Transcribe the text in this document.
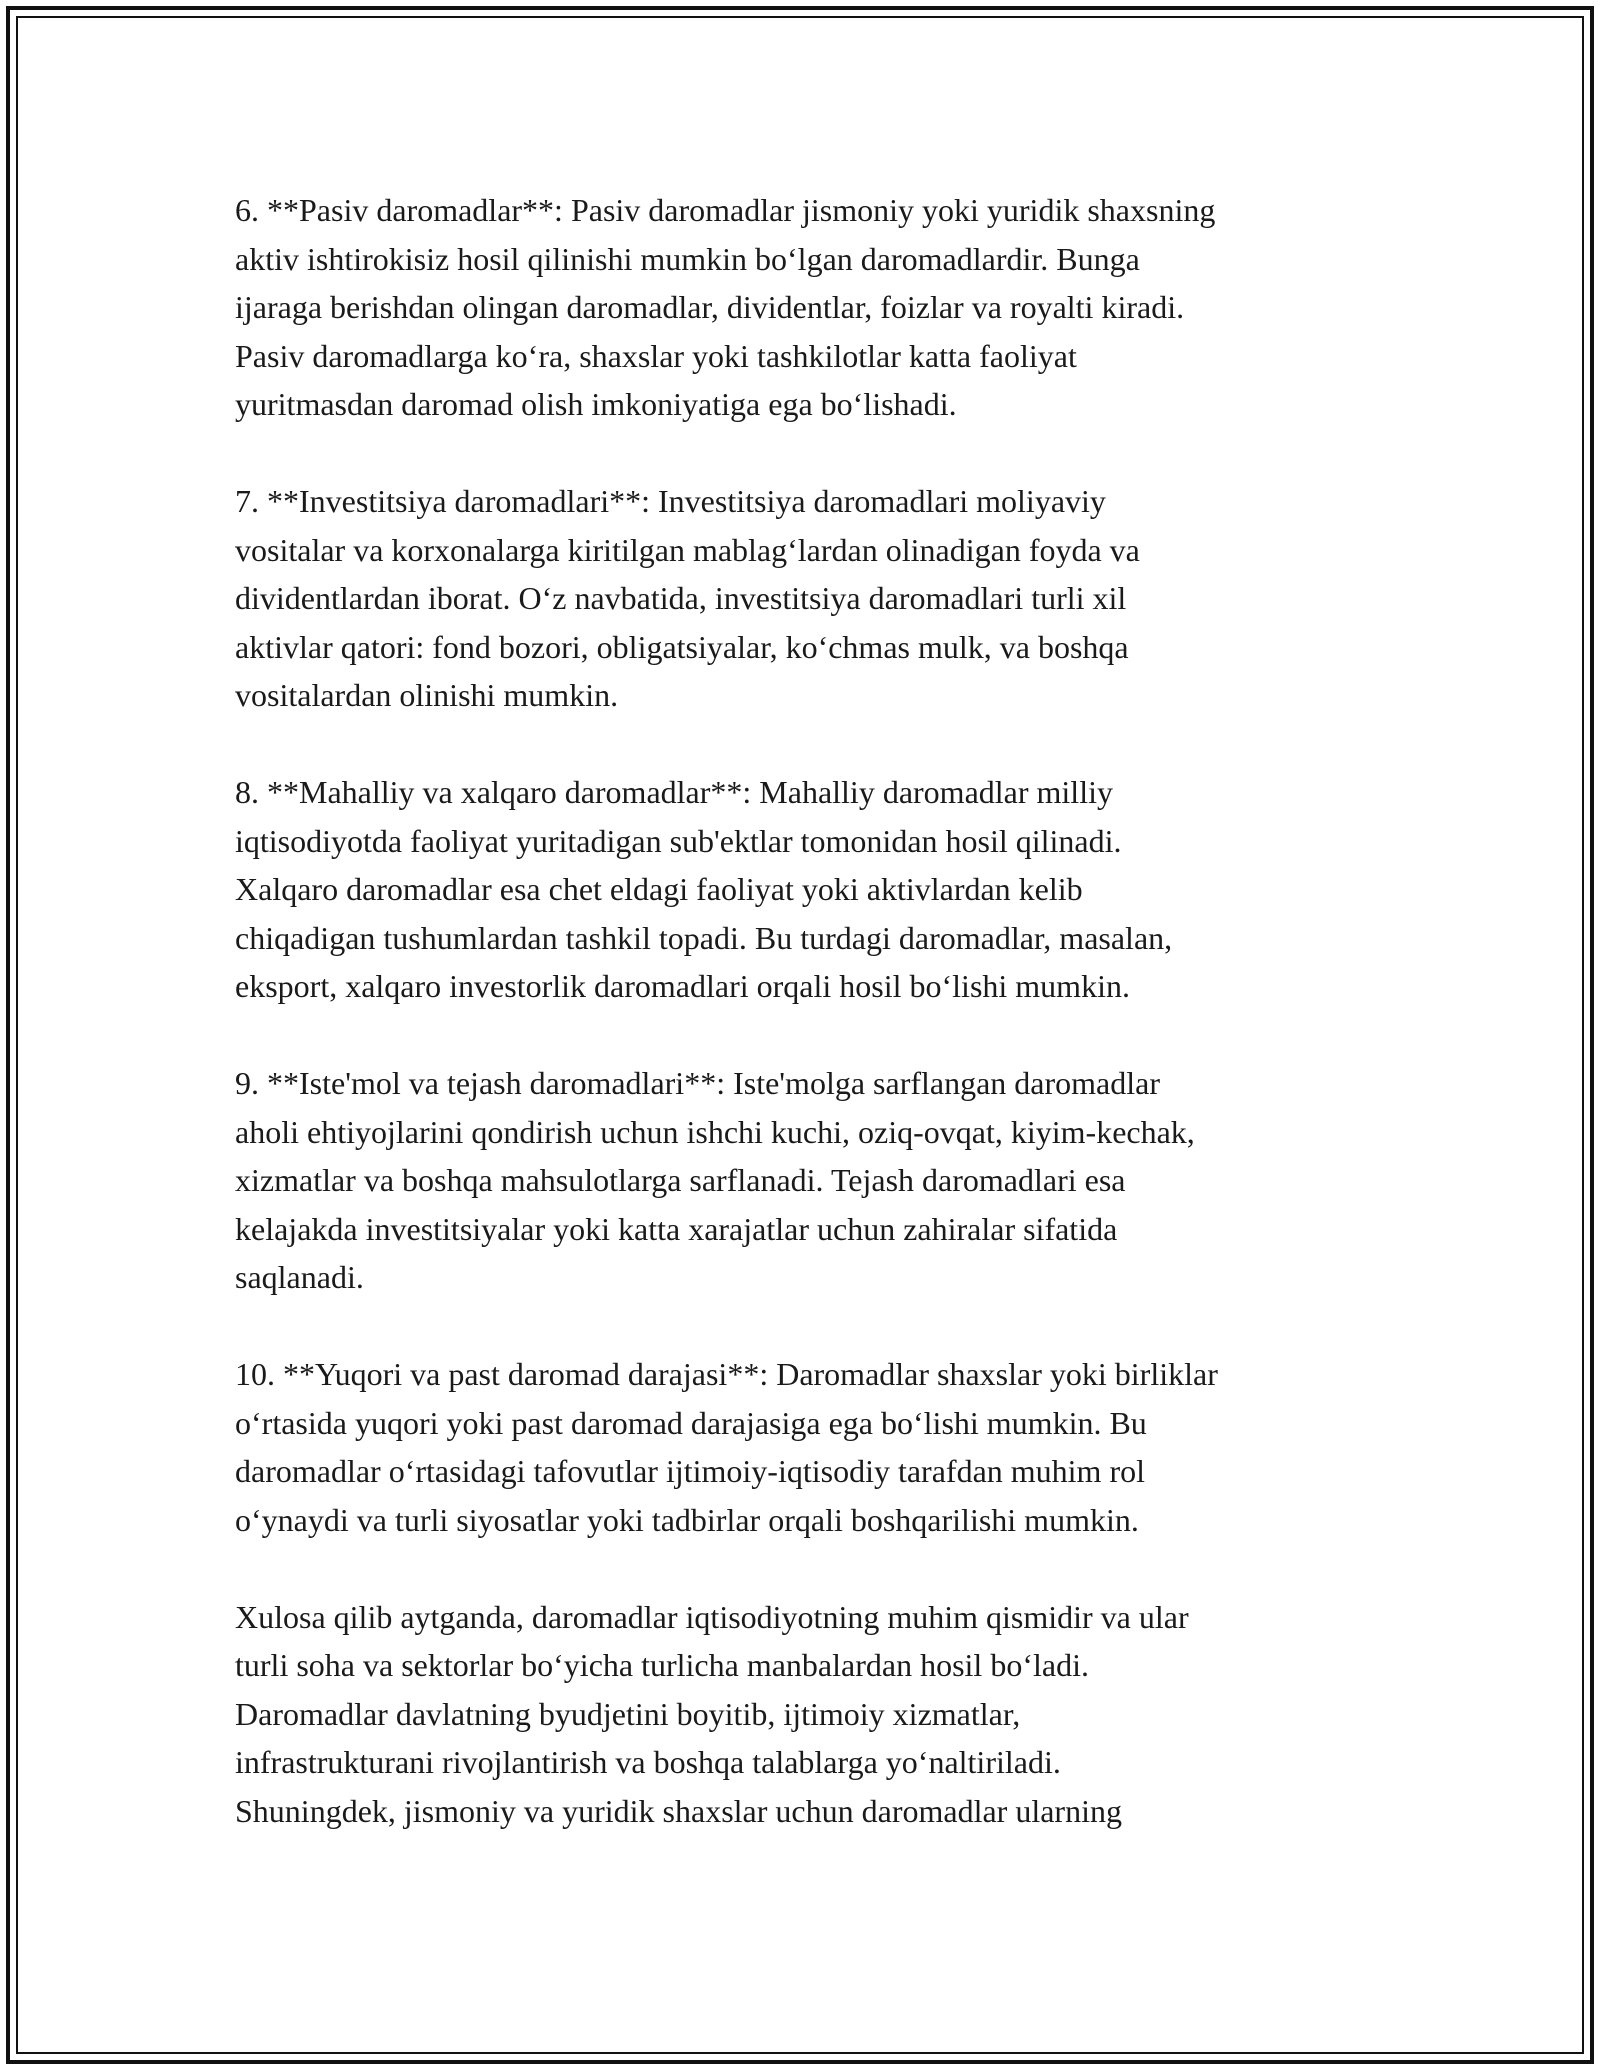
6. **Pasiv daromadlar**: Pasiv daromadlar jismoniy yoki yuridik shaxsning
aktiv ishtirokisiz hosil qilinishi mumkin bo‘lgan daromadlardir. Bunga
ijaraga berishdan olingan daromadlar, dividentlar, foizlar va royalti kiradi.
Pasiv daromadlarga ko‘ra, shaxslar yoki tashkilotlar katta faoliyat
yuritmasdan daromad olish imkoniyatiga ega bo‘lishadi.

7. **Investitsiya daromadlari**: Investitsiya daromadlari moliyaviy
vositalar va korxonalarga kiritilgan mablag‘lardan olinadigan foyda va
dividentlardan iborat. O‘z navbatida, investitsiya daromadlari turli xil
aktivlar qatori: fond bozori, obligatsiyalar, ko‘chmas mulk, va boshqa
vositalardan olinishi mumkin.

8. **Mahalliy va xalqaro daromadlar**: Mahalliy daromadlar milliy
iqtisodiyotda faoliyat yuritadigan sub'ektlar tomonidan hosil qilinadi.
Xalqaro daromadlar esa chet eldagi faoliyat yoki aktivlardan kelib
chiqadigan tushumlardan tashkil topadi. Bu turdagi daromadlar, masalan,
eksport, xalqaro investorlik daromadlari orqali hosil bo‘lishi mumkin.

9. **Iste'mol va tejash daromadlari**: Iste'molga sarflangan daromadlar
aholi ehtiyojlarini qondirish uchun ishchi kuchi, oziq-ovqat, kiyim-kechak,
xizmatlar va boshqa mahsulotlarga sarflanadi. Tejash daromadlari esa
kelajakda investitsiyalar yoki katta xarajatlar uchun zahiralar sifatida
saqlanadi.

10. **Yuqori va past daromad darajasi**: Daromadlar shaxslar yoki birliklar
o‘rtasida yuqori yoki past daromad darajasiga ega bo‘lishi mumkin. Bu
daromadlar o‘rtasidagi tafovutlar ijtimoiy-iqtisodiy tarafdan muhim rol
o‘ynaydi va turli siyosatlar yoki tadbirlar orqali boshqarilishi mumkin.

Xulosa qilib aytganda, daromadlar iqtisodiyotning muhim qismidir va ular
turli soha va sektorlar bo‘yicha turlicha manbalardan hosil bo‘ladi.
Daromadlar davlatning byudjetini boyitib, ijtimoiy xizmatlar,
infrastrukturani rivojlantirish va boshqa talablarga yo‘naltiriladi.
Shuningdek, jismoniy va yuridik shaxslar uchun daromadlar ularning
